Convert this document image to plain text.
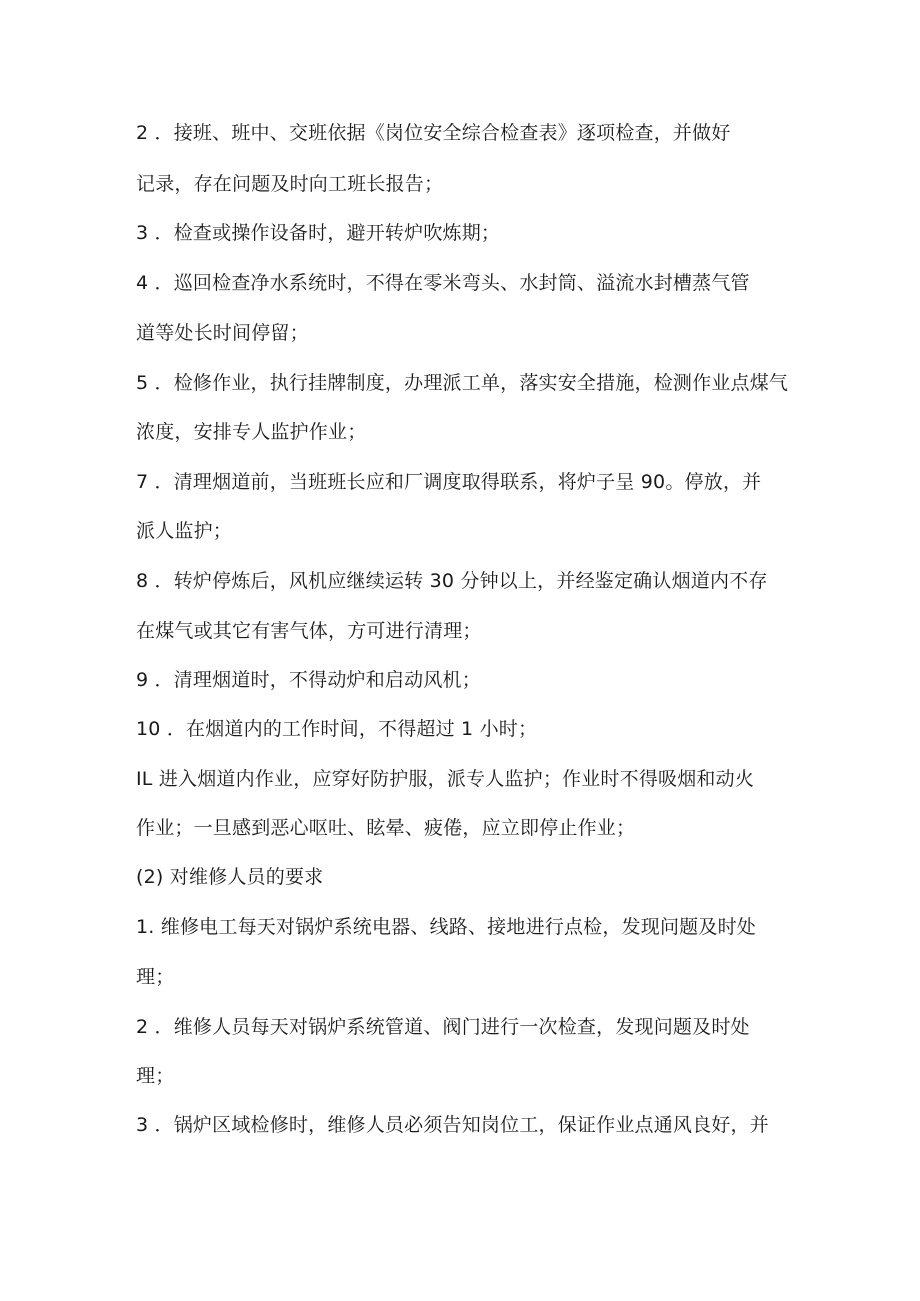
2 ．接班、班中、交班依据《岗位安全综合检查表》逐项检查，并做好
记录，存在问题及时向工班长报告；
3 ．检查或操作设备时，避开转炉吹炼期；
4 ．巡回检查净水系统时，不得在零米弯头、水封筒、溢流水封槽蒸气管
道等处长时间停留；
5 ．检修作业，执行挂牌制度，办理派工单，落实安全措施，检测作业点煤气
浓度，安排专人监护作业；
7 ．清理烟道前，当班班长应和厂调度取得联系，将炉子呈 90。停放，并
派人监护；
8 ．转炉停炼后，风机应继续运转 30 分钟以上，并经鉴定确认烟道内不存
在煤气或其它有害气体，方可进行清理；
9 ．清理烟道时，不得动炉和启动风机；
10 ．在烟道内的工作时间，不得超过 1 小时；
IL 进入烟道内作业，应穿好防护服，派专人监护；作业时不得吸烟和动火
作业；一旦感到恶心呕吐、眩晕、疲倦，应立即停止作业；
(2) 对维修人员的要求
1. 维修电工每天对锅炉系统电器、线路、接地进行点检，发现问题及时处
理；
2 ．维修人员每天对锅炉系统管道、阀门进行一次检查，发现问题及时处
理；
3 ．锅炉区域检修时，维修人员必须告知岗位工，保证作业点通风良好，并
